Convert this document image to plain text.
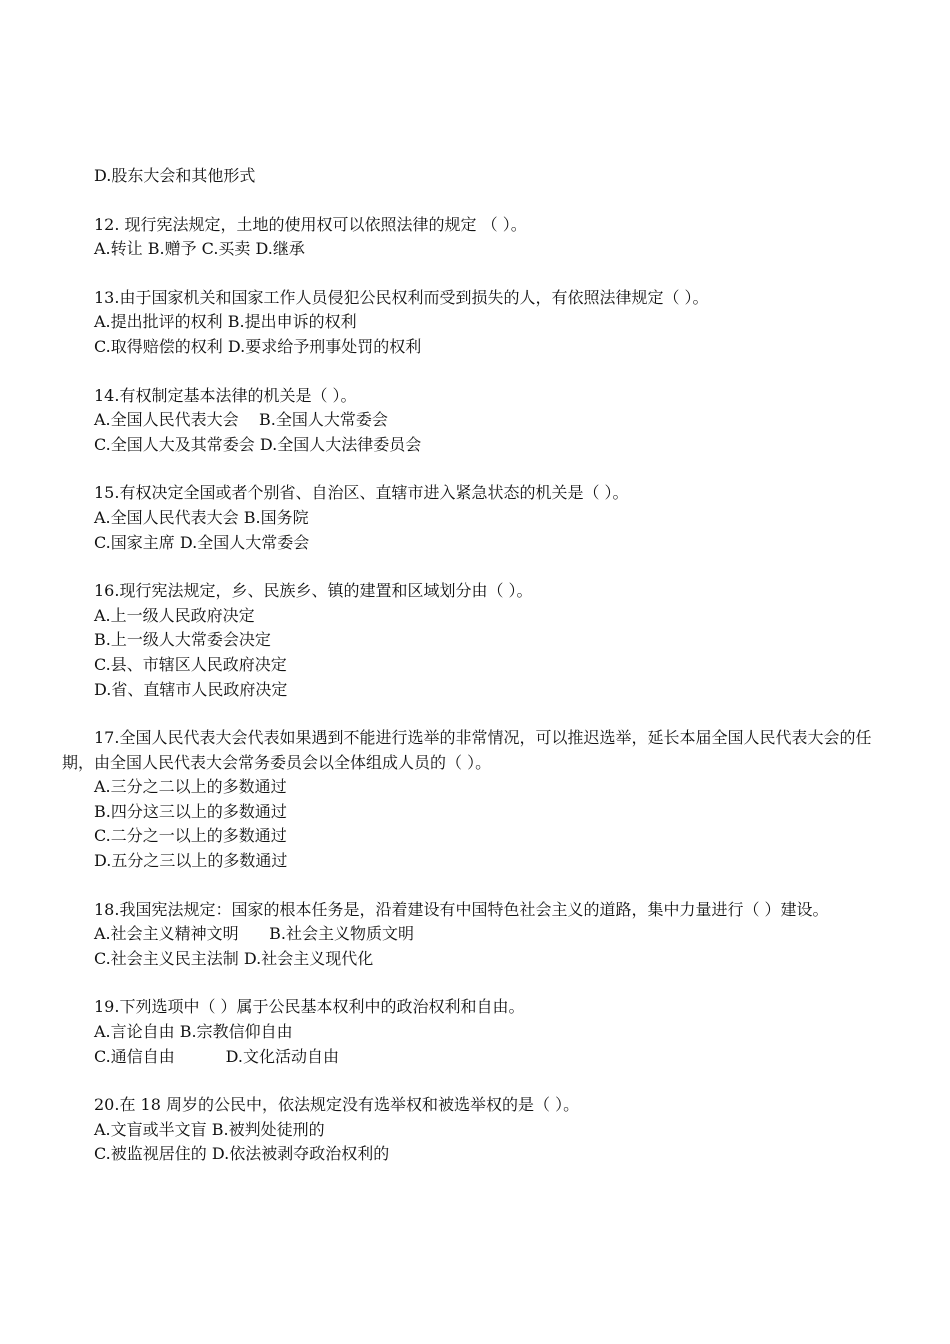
D.股东大会和其他形式
12. 现行宪法规定，土地的使用权可以依照法律的规定 （ ）。
A.转让 B.赠予 C.买卖 D.继承
13.由于国家机关和国家工作人员侵犯公民权利而受到损失的人，有依照法律规定（ ）。
A.提出批评的权利 B.提出申诉的权利
C.取得赔偿的权利 D.要求给予刑事处罚的权利
14.有权制定基本法律的机关是（ ）。
A.全国人民代表大会    B.全国人大常委会
C.全国人大及其常委会 D.全国人大法律委员会
15.有权决定全国或者个别省、自治区、直辖市进入紧急状态的机关是（ ）。
A.全国人民代表大会 B.国务院
C.国家主席 D.全国人大常委会
16.现行宪法规定，乡、民族乡、镇的建置和区域划分由（ ）。
A.上一级人民政府决定
B.上一级人大常委会决定
C.县、市辖区人民政府决定
D.省、直辖市人民政府决定
17.全国人民代表大会代表如果遇到不能进行选举的非常情况，可以推迟选举，延长本届全国人民代表大会的任期，由全国人民代表大会常务委员会以全体组成人员的（ ）。
A.三分之二以上的多数通过
B.四分这三以上的多数通过
C.二分之一以上的多数通过
D.五分之三以上的多数通过
18.我国宪法规定：国家的根本任务是，沿着建设有中国特色社会主义的道路，集中力量进行（ ）建设。
A.社会主义精神文明      B.社会主义物质文明
C.社会主义民主法制 D.社会主义现代化
19.下列选项中（ ）属于公民基本权利中的政治权利和自由。
A.言论自由 B.宗教信仰自由
C.通信自由          D.文化活动自由
20.在 18 周岁的公民中，依法规定没有选举权和被选举权的是（ ）。
A.文盲或半文盲 B.被判处徒刑的
C.被监视居住的 D.依法被剥夺政治权利的
